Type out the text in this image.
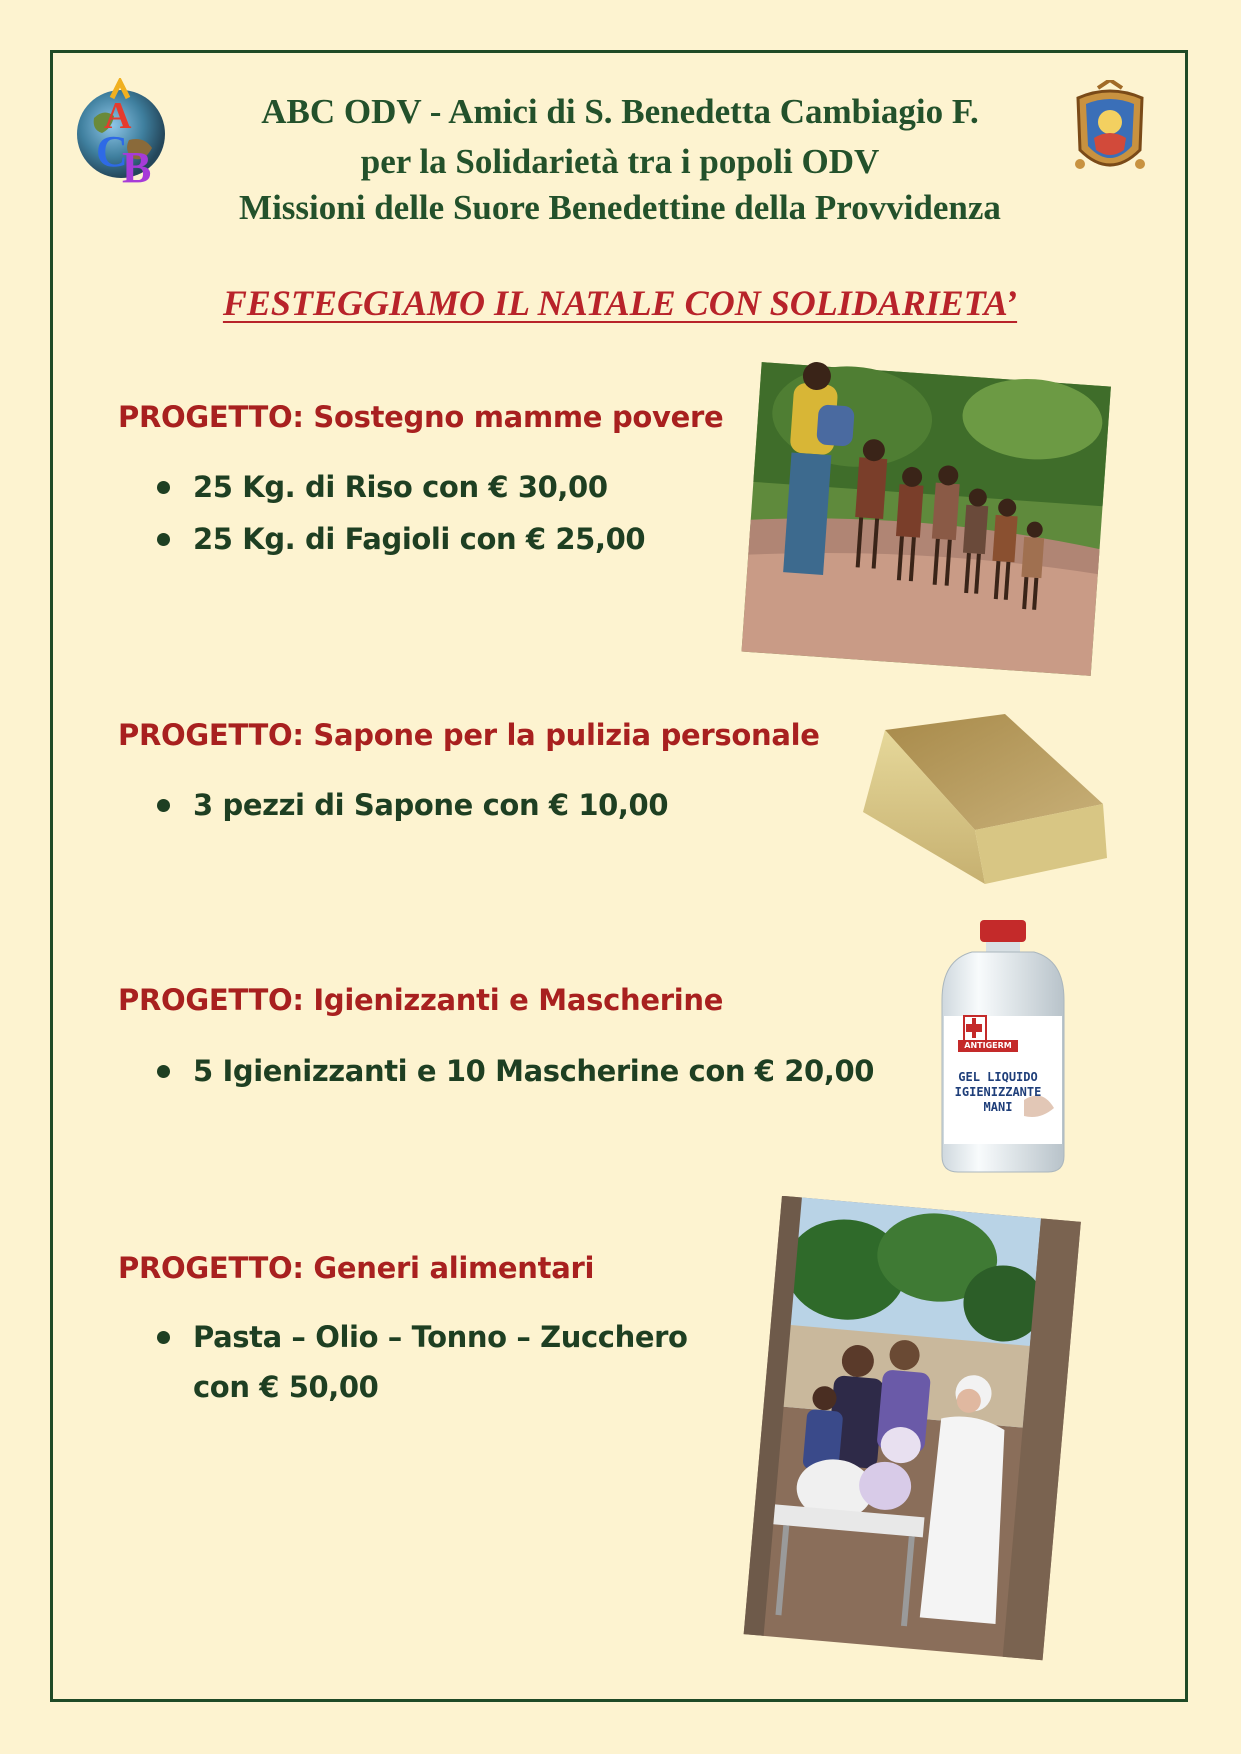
A
C
B
ABC ODV - Amici di S. Benedetta Cambiagio F.
per la Solidarietà tra i popoli ODV
Missioni delle Suore Benedettine della Provvidenza
FESTEGGIAMO IL NATALE CON SOLIDARIETA’
PROGETTO: Sostegno mamme povere
25 Kg. di Riso con € 30,00
25 Kg. di Fagioli con € 25,00
PROGETTO: Sapone per la pulizia personale
3 pezzi di Sapone con € 10,00
PROGETTO: Igienizzanti e Mascherine
5 Igienizzanti e 10 Mascherine con € 20,00
ANTIGERM
GEL LIQUIDO
IGIENIZZANTE
MANI
PROGETTO: Generi alimentari
Pasta – Olio – Tonno – Zucchero
con € 50,00
